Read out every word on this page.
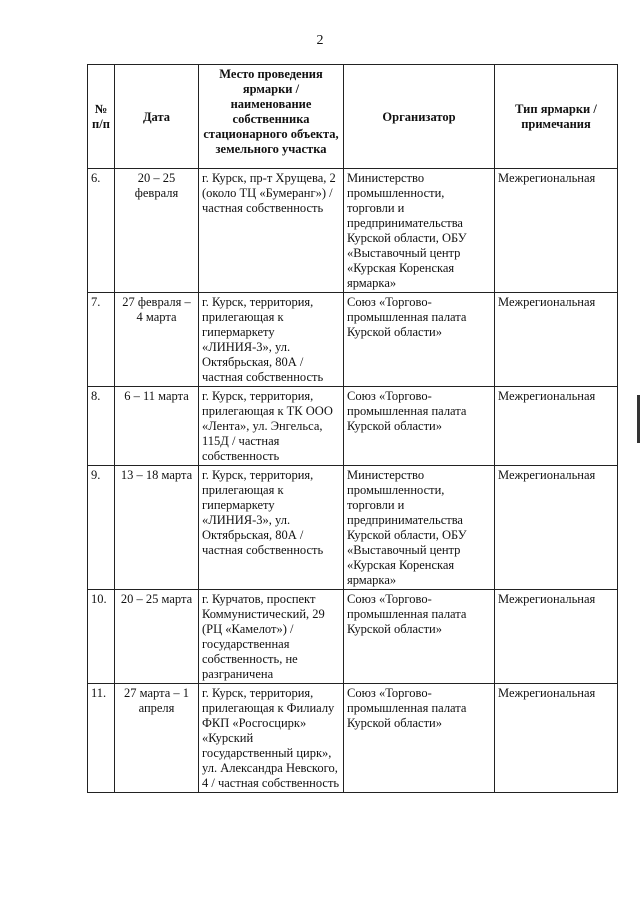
2
№ п/п	Дата	Место проведения ярмарки / наименование собственника стационарного объекта, земельного участка	Организатор	Тип ярмарки / примечания
6.	20 – 25 февраля	г. Курск, пр-т Хрущева, 2 (около ТЦ «Бумеранг») / частная собственность	Министерство промышленности, торговли и предпринимательства Курской области, ОБУ «Выставочный центр «Курская Коренская ярмарка»	Межрегиональная
7.	27 февраля – 4 марта	г. Курск, территория, прилегающая к гипермаркету «ЛИНИЯ-3», ул. Октябрьская, 80А / частная собственность	Союз «Торгово-промышленная палата Курской области»	Межрегиональная
8.	6 – 11 марта	г. Курск, территория, прилегающая к ТК ООО «Лента», ул. Энгельса, 115Д / частная собственность	Союз «Торгово-промышленная палата Курской области»	Межрегиональная
9.	13 – 18 марта	г. Курск, территория, прилегающая к гипермаркету «ЛИНИЯ-3», ул. Октябрьская, 80А / частная собственность	Министерство промышленности, торговли и предпринимательства Курской области, ОБУ «Выставочный центр «Курская Коренская ярмарка»	Межрегиональная
10.	20 – 25 марта	г. Курчатов, проспект Коммунистический, 29 (РЦ «Камелот») / государственная собственность, не разграничена	Союз «Торгово-промышленная палата Курской области»	Межрегиональная
11.	27 марта – 1 апреля	г. Курск, территория, прилегающая к Филиалу ФКП «Росгосцирк» «Курский государственный цирк», ул. Александра Невского, 4 / частная собственность	Союз «Торгово-промышленная палата Курской области»	Межрегиональная
